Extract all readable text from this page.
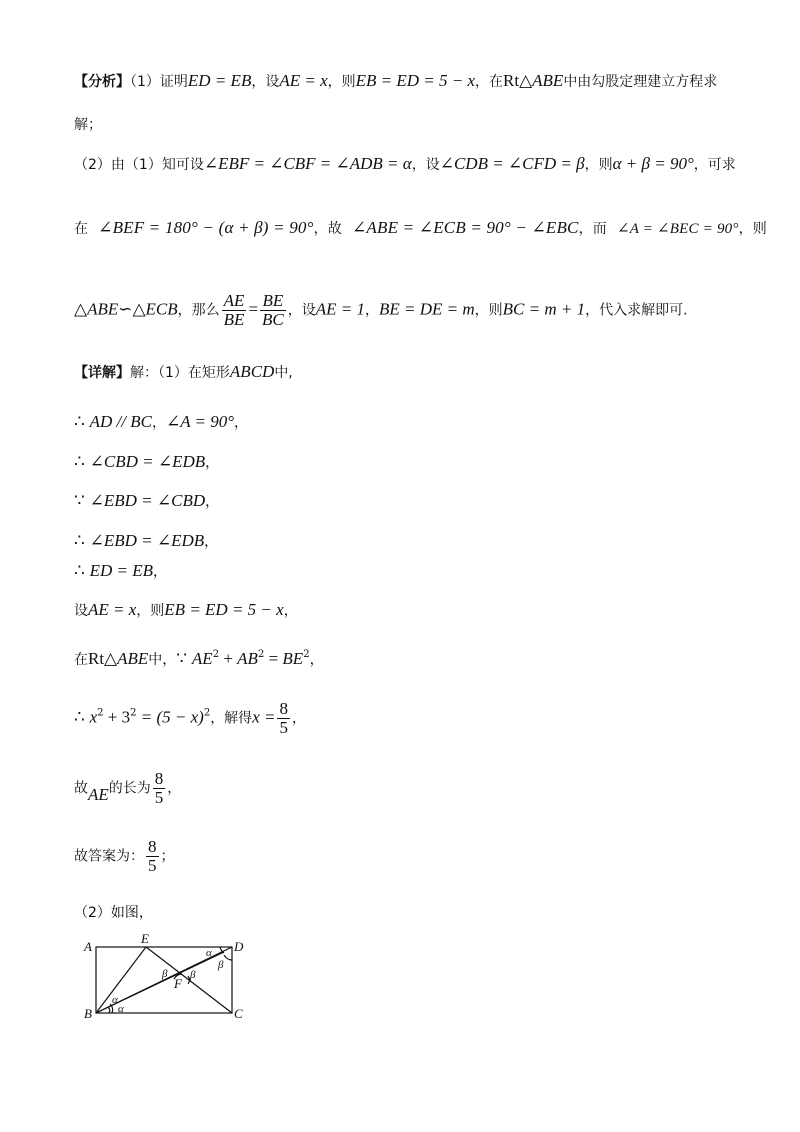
【分析】（1）证明ED = EB，设AE = x，则EB = ED = 5 − x，在Rt△ABE中由勾股定理建立方程求
解；
（2）由（1）知可设∠EBF = ∠CBF = ∠ADB = α，设∠CDB = ∠CFD = β，则α + β = 90°，可求
在 ∠BEF = 180° − (α + β) = 90°，故 ∠ABE = ∠ECB = 90° − ∠EBC，而 ∠A = ∠BEC = 90°，则
△ABE∽△ECB，那么 $\frac{AE}{BE} = \frac{BE}{BC}$ ，设AE = 1，BE = DE = m，则BC = m + 1，代入求解即可.
【详解】解：（1）在矩形ABCD中,
∴ AD // BC，∠A = 90°，
∴ ∠CBD = ∠EDB，
∵ ∠EBD = ∠CBD，
∴ ∠EBD = ∠EDB，
∴ ED = EB，
设AE = x，则EB = ED = 5 − x，
在Rt△ABE中，∵ $AE^2 + AB^2 = BE^2$，
∴ $x^2 + 3^2 = (5 - x)^2$，解得$x = \frac{8}{5}$ ，
故AE的长为 $\frac{8}{5}$ ，
故答案为： $\frac{8}{5}$ ；
（2）如图，
A
E
D
B	C
F
α
α
α
β β
β
